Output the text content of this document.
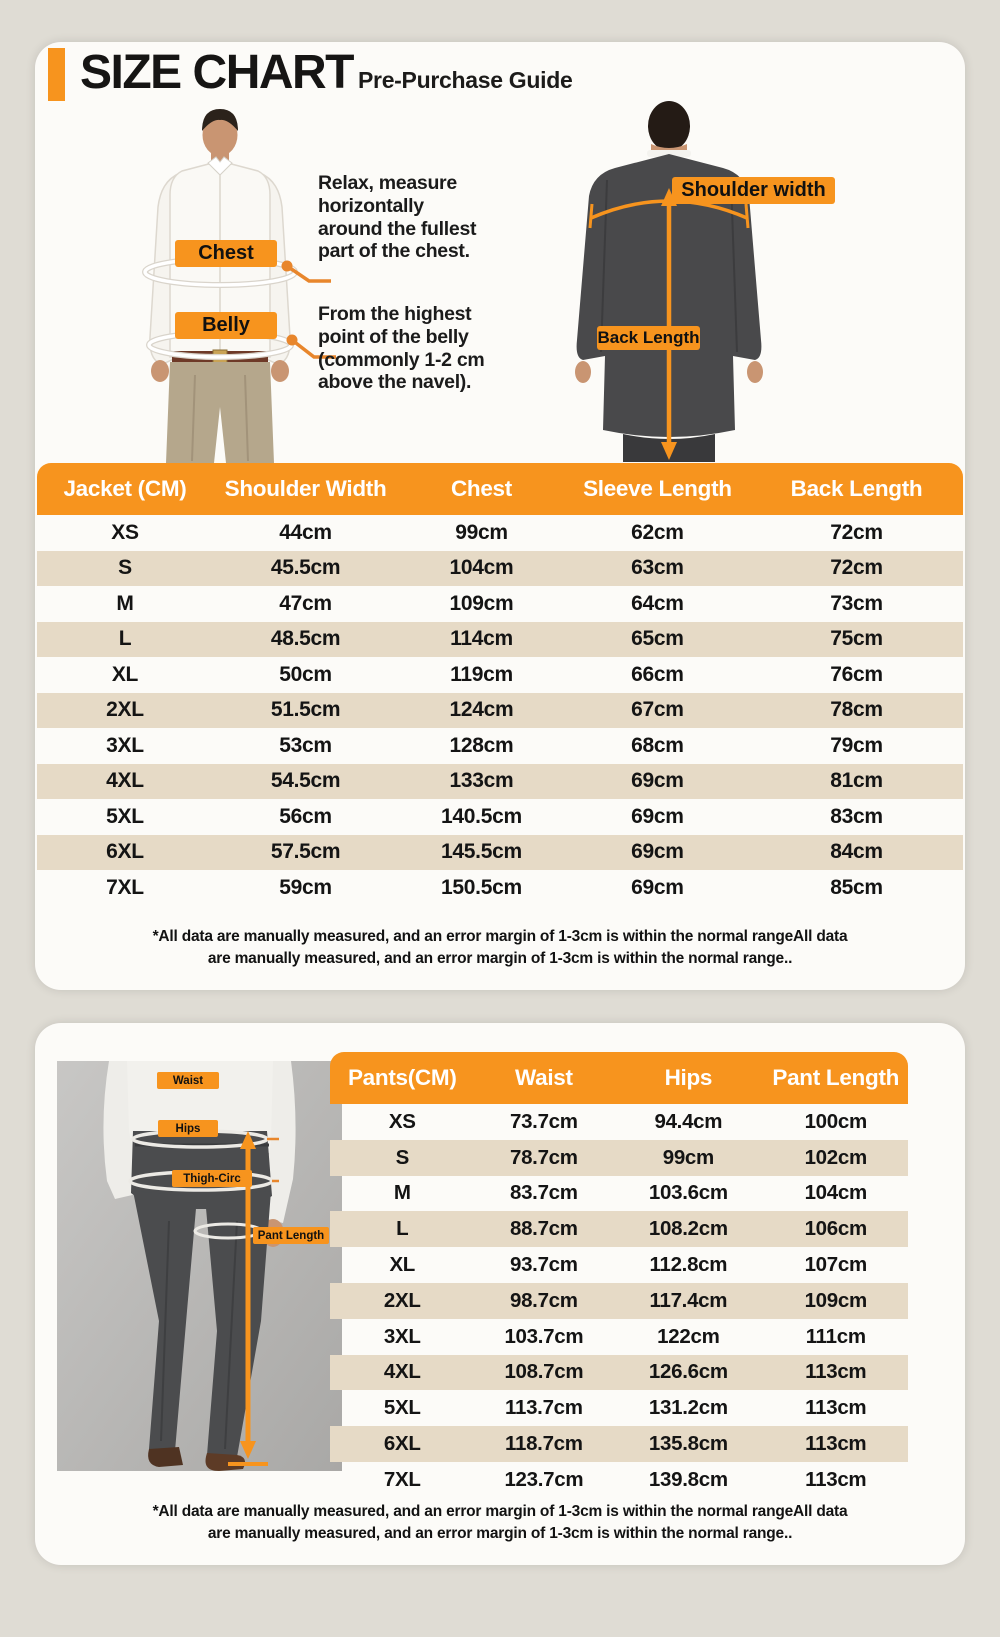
SIZE CHART Pre-Purchase Guide
Chest
Belly
Relax, measure horizontally around the fullest part of the chest.
From the highest point of the belly (commonly 1-2 cm above the navel).
Shoulder width
Back Length
Jacket (CM)	Shoulder Width	Chest	Sleeve Length	Back Length
XS	44cm	99cm	62cm	72cm
S	45.5cm	104cm	63cm	72cm
M	47cm	109cm	64cm	73cm
L	48.5cm	114cm	65cm	75cm
XL	50cm	119cm	66cm	76cm
2XL	51.5cm	124cm	67cm	78cm
3XL	53cm	128cm	68cm	79cm
4XL	54.5cm	133cm	69cm	81cm
5XL	56cm	140.5cm	69cm	83cm
6XL	57.5cm	145.5cm	69cm	84cm
7XL	59cm	150.5cm	69cm	85cm
*All data are manually measured, and an error margin of 1-3cm is within the normal rangeAll data
are manually measured, and an error margin of 1-3cm is within the normal range..
Waist
Hips
Thigh-Circ
Pant Length
Pants(CM)	Waist	Hips	Pant Length
XS	73.7cm	94.4cm	100cm
S	78.7cm	99cm	102cm
M	83.7cm	103.6cm	104cm
L	88.7cm	108.2cm	106cm
XL	93.7cm	112.8cm	107cm
2XL	98.7cm	117.4cm	109cm
3XL	103.7cm	122cm	111cm
4XL	108.7cm	126.6cm	113cm
5XL	113.7cm	131.2cm	113cm
6XL	118.7cm	135.8cm	113cm
7XL	123.7cm	139.8cm	113cm
*All data are manually measured, and an error margin of 1-3cm is within the normal rangeAll data
are manually measured, and an error margin of 1-3cm is within the normal range..
